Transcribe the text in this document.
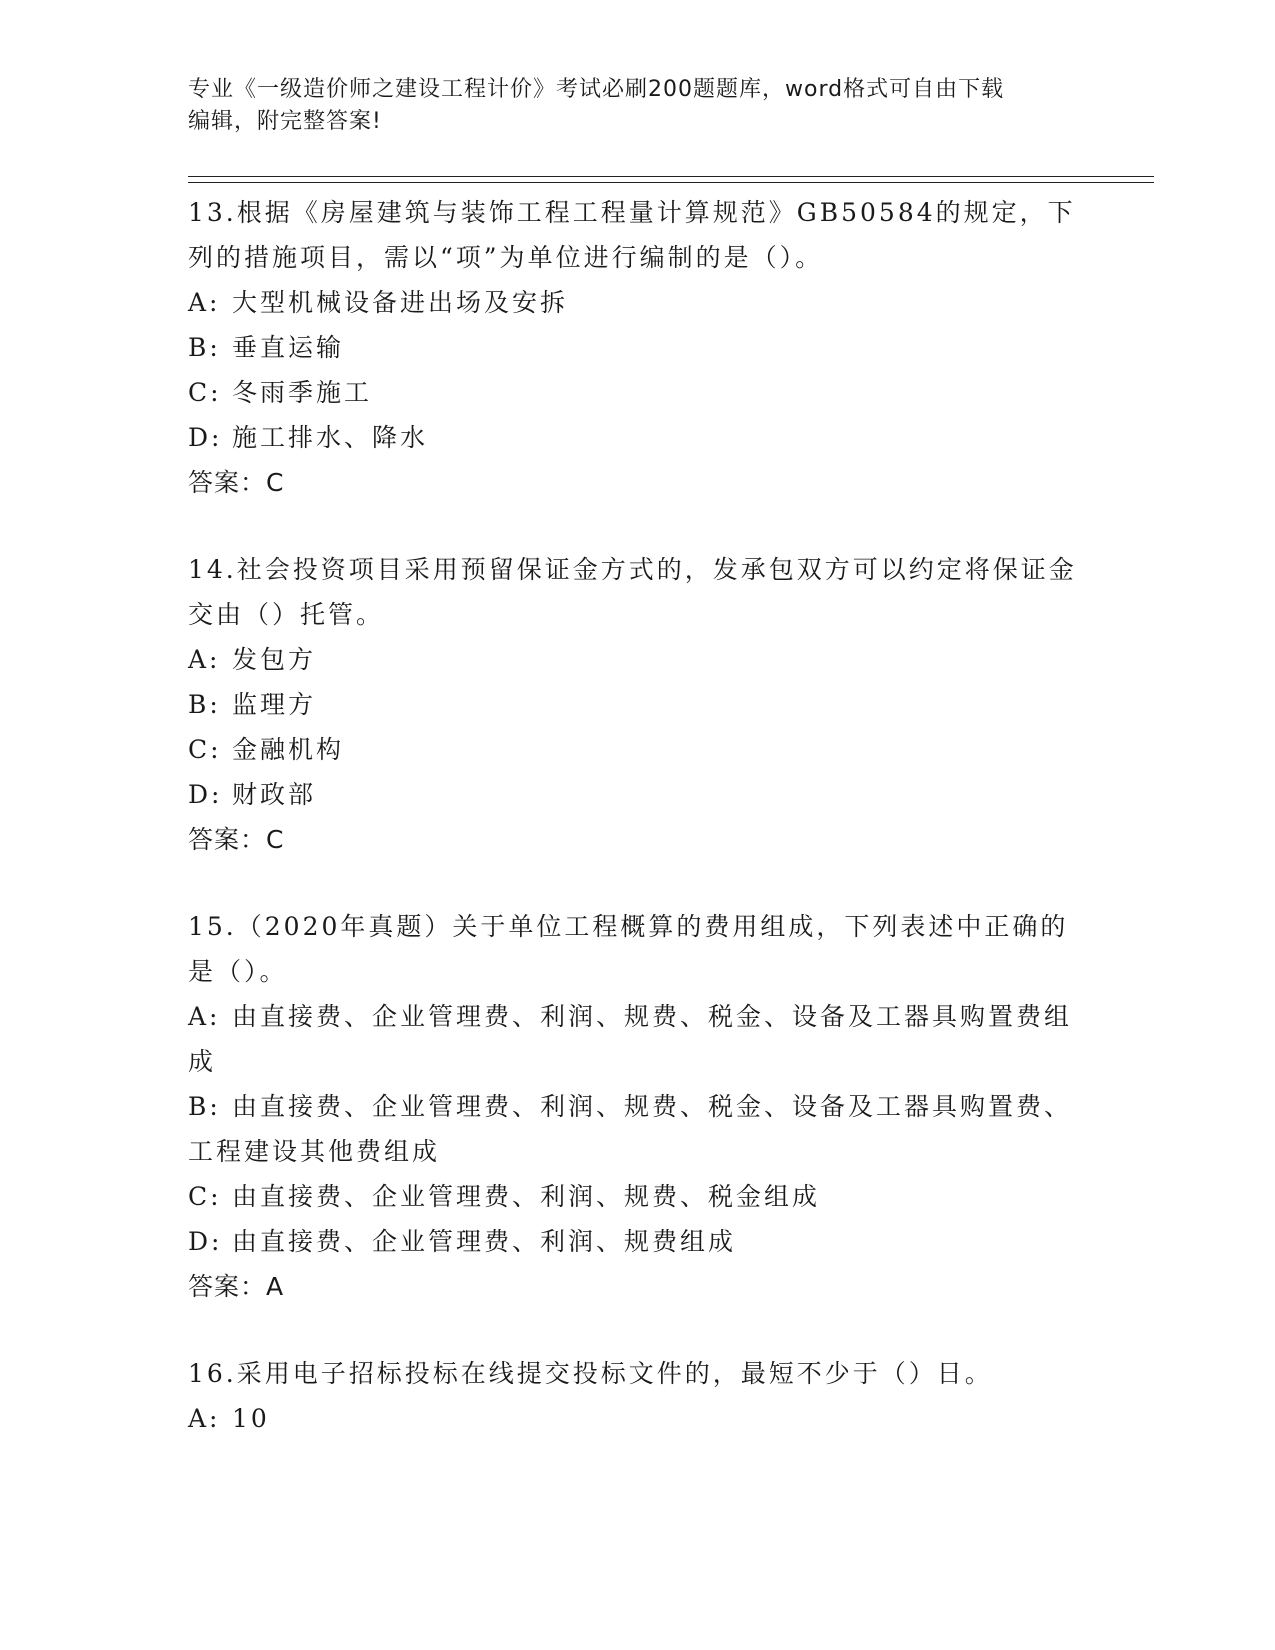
专业《一级造价师之建设工程计价》考试必刷200题题库，word格式可自由下载
编辑，附完整答案!

13.根据《房屋建筑与装饰工程工程量计算规范》GB50584的规定，下列的措施项目，需以“项”为单位进行编制的是（）。

A: 大型机械设备进出场及安拆

B: 垂直运输

C: 冬雨季施工

D: 施工排水、降水

答案：C

14.社会投资项目采用预留保证金方式的，发承包双方可以约定将保证金交由（）托管。

A: 发包方

B: 监理方

C: 金融机构

D: 财政部

答案：C

15.（2020年真题）关于单位工程概算的费用组成，下列表述中正确的是（）。

A: 由直接费、企业管理费、利润、规费、税金、设备及工器具购置费组成

B: 由直接费、企业管理费、利润、规费、税金、设备及工器具购置费、工程建设其他费组成

C: 由直接费、企业管理费、利润、规费、税金组成

D: 由直接费、企业管理费、利润、规费组成

答案：A

16.采用电子招标投标在线提交投标文件的，最短不少于（）日。

A: 10
